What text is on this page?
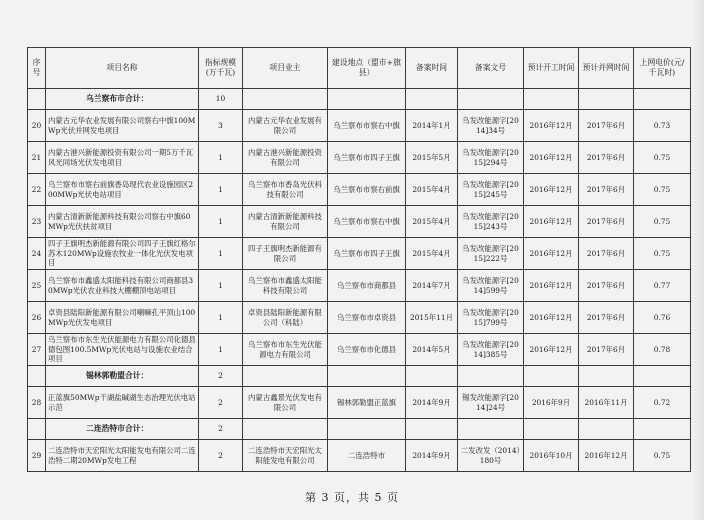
序号	项目名称	指标规模(万千瓦)	项目业主	建设地点（盟市+旗县）	备案时间	备案文号	预计开工时间	预计并网时间	上网电价(元/千瓦时)
	乌兰察布市合计：	10							
20	内蒙古元华农业发展有限公司察右中旗100MWp光伏并网发电项目	3	内蒙古元华农业发展有限公司	乌兰察布市察右中旗	2014年1月	乌发改能源字[2014]34号	2016年12月	2017年6月	0.73
21	内蒙古港兴新能源投资有限公司一期5万千瓦风光同场光伏发电项目	1	内蒙古港兴新能源投资有限公司	乌兰察布市四子王旗	2015年5月	乌发改能源字[2015]294号	2016年12月	2017年6月	0.75
22	乌兰察布市察右前旗香岛现代农业设施园区200MWp光伏电站项目	1	乌兰察布市香岛光伏科技有限公司	乌兰察布市察右前旗	2015年4月	乌发改能源字[2015]245号	2016年12月	2017年6月	0.75
23	内蒙古清新新能源科技有限公司察右中旗60MWp光伏扶贫项目	1	内蒙古清新新能源科技有限公司	乌兰察布市察右中旗	2015年4月	乌发改能源字[2015]243号	2016年12月	2017年6月	0.75
24	四子王旗明杰新能源有限公司四子王旗红格尔苏木120MWp设施农牧业一体化光伏发电项目	1	四子王旗明杰新能源有限公司	乌兰察布市四子王旗	2015年4月	乌发改能源字[2015]222号	2016年12月	2017年6月	0.75
25	乌兰察布市鑫盛太阳能科技有限公司商都县30MWp光伏农业科技大棚棚顶电站项目	1	乌兰察布市鑫盛太阳能科技有限公司	乌兰察布市商都县	2014年7月	乌发改能源字[2014]599号	2016年12月	2017年6月	0.77
26	卓资县陆阳新能源有限公司喇嘛孔平顶山100MWp光伏发电项目	1	卓资县陆阳新能源有限公司（科陆）	乌兰察布市卓资县	2015年11月	乌发改能源字[2015]799号	2016年12月	2017年6月	0.76
27	乌兰察布市东生光伏能源电力有限公司化德县德包图100.5MWp光伏电站与设施农业结合项目	1	乌兰察布市东生光伏能源电力有限公司	乌兰察布市化德县	2014年5月	乌发改能源字[2014]385号	2016年12月	2017年6月	0.78
	锡林郭勒盟合计：	2							
28	正蓝旗50MWp干湖盐碱湖生态治理光伏电站示范	2	内蒙古鑫景光伏发电有限公司	锡林郭勒盟正蓝旗	2014年9月	锡发改能源字[2014]24号	2016年9月	2016年11月	0.72
	二连浩特市合计：	2							
29	二连浩特市天宏阳光太阳能发电有限公司二连浩特二期20MWp发电工程	2	二连浩特市天宏阳光太阳能发电有限公司	二连浩特市	2014年9月	二发改发（2014）180号	2016年10月	2016年12月	0.75
第 3 页，共 5 页
